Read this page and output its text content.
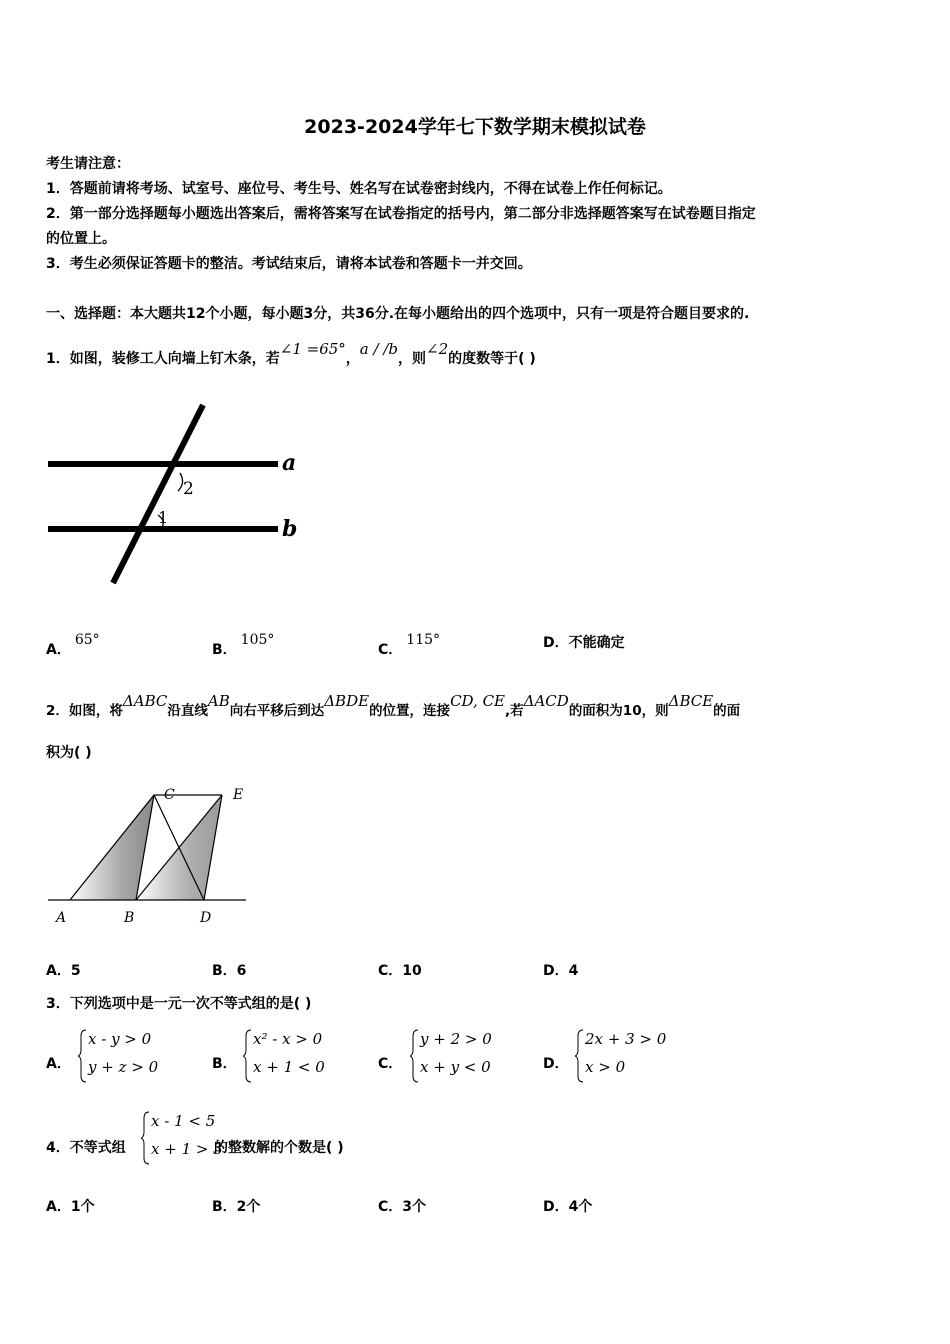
2023-2024学年七下数学期末模拟试卷
考生请注意：
1．答题前请将考场、试室号、座位号、考生号、姓名写在试卷密封线内，不得在试卷上作任何标记。
2．第一部分选择题每小题选出答案后，需将答案写在试卷指定的括号内，第二部分非选择题答案写在试卷题目指定
的位置上。
3．考生必须保证答题卡的整洁。考试结束后，请将本试卷和答题卡一并交回。
一、选择题：本大题共12个小题，每小题3分，共36分.在每小题给出的四个选项中，只有一项是符合题目要求的.
1．如图，装修工人向墙上钉木条，若∠1 =65°，a / /b，则∠2的度数等于( )
a
b
2
1
A．65°
B．105°
C．115°	D．不能确定
2．如图，将ΔABC沿直线AB向右平移后到达ΔBDE的位置，连接CD, CE,若ΔACD的面积为10，则ΔBCE的面
积为( )
A	B	D
C	E
A．5	B．6	C．10	D．4
3．下列选项中是一元一次不等式组的是( )
A．
x - y > 0
y + z > 0	B．
x² - x > 0
x + 1 < 0	C．
y + 2 > 0
x + y < 0	D．
2x + 3 > 0
x > 0
4．不等式组
x - 1 < 5
x + 1 > 3
的整数解的个数是( )
A．1个	B．2个	C．3个	D．4个
